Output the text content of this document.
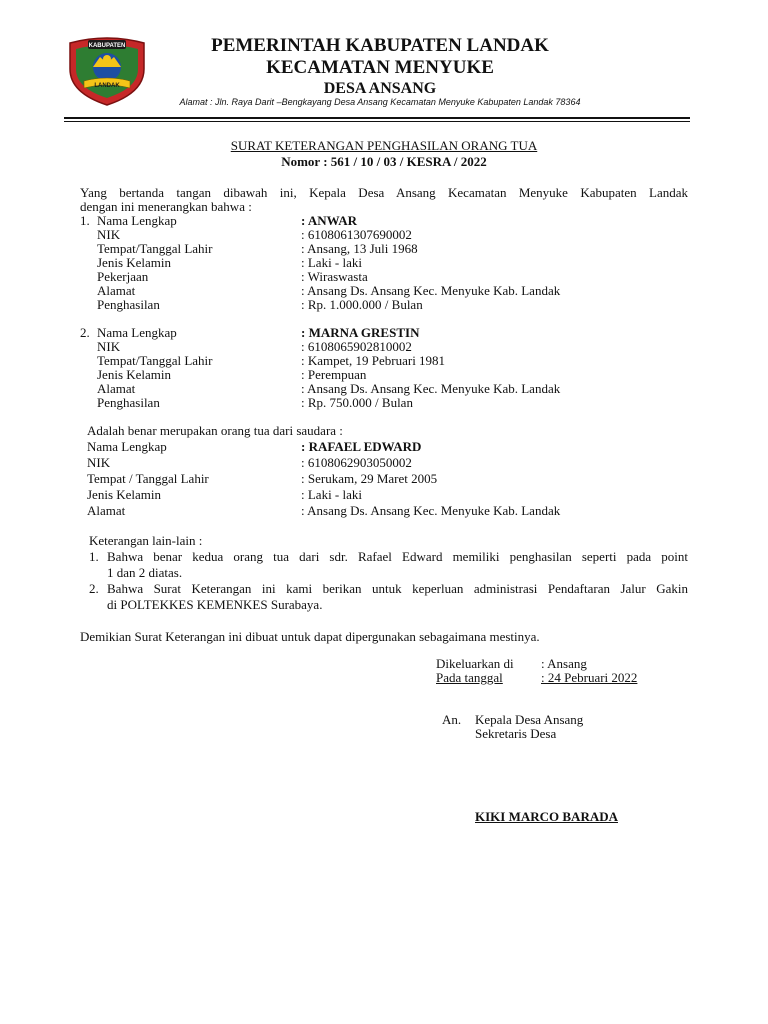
KABUPATEN
LANDAK
PEMERINTAH KABUPATEN LANDAK
KECAMATAN MENYUKE
DESA ANSANG
Alamat : Jln. Raya Darit –Bengkayang Desa Ansang Kecamatan Menyuke Kabupaten Landak 78364
SURAT KETERANGAN PENGHASILAN ORANG TUA
Nomor : 561 / 10 / 03 / KESRA / 2022
Yang bertanda tangan dibawah ini, Kepala Desa Ansang Kecamatan Menyuke Kabupaten Landak
dengan ini menerangkan bahwa :
1. Nama Lengkap	: ANWAR
NIK	: 6108061307690002
Tempat/Tanggal Lahir	: Ansang, 13 Juli 1968
Jenis Kelamin	: Laki - laki
Pekerjaan	: Wiraswasta
Alamat	: Ansang Ds. Ansang Kec. Menyuke Kab. Landak
Penghasilan	: Rp. 1.000.000 / Bulan
2. Nama Lengkap	: MARNA GRESTIN
NIK	: 6108065902810002
Tempat/Tanggal Lahir	: Kampet, 19 Pebruari 1981
Jenis Kelamin	: Perempuan
Alamat	: Ansang Ds. Ansang Kec. Menyuke Kab. Landak
Penghasilan	: Rp. 750.000 / Bulan
Adalah benar merupakan orang tua dari saudara :
Nama Lengkap	: RAFAEL EDWARD
NIK	: 6108062903050002
Tempat / Tanggal Lahir	: Serukam, 29 Maret 2005
Jenis Kelamin	: Laki - laki
Alamat	: Ansang Ds. Ansang Kec. Menyuke Kab. Landak
Keterangan lain-lain :
1. Bahwa benar kedua orang tua dari sdr. Rafael Edward memiliki penghasilan seperti pada point
1 dan 2 diatas.
2. Bahwa Surat Keterangan ini kami berikan untuk keperluan administrasi Pendaftaran Jalur Gakin
di POLTEKKES KEMENKES Surabaya.
Demikian Surat Keterangan ini dibuat untuk dapat dipergunakan sebagaimana mestinya.
Dikeluarkan di : Ansang
Pada tanggal	: 24 Pebruari 2022
An. Kepala Desa Ansang
Sekretaris Desa
KIKI MARCO BARADA
